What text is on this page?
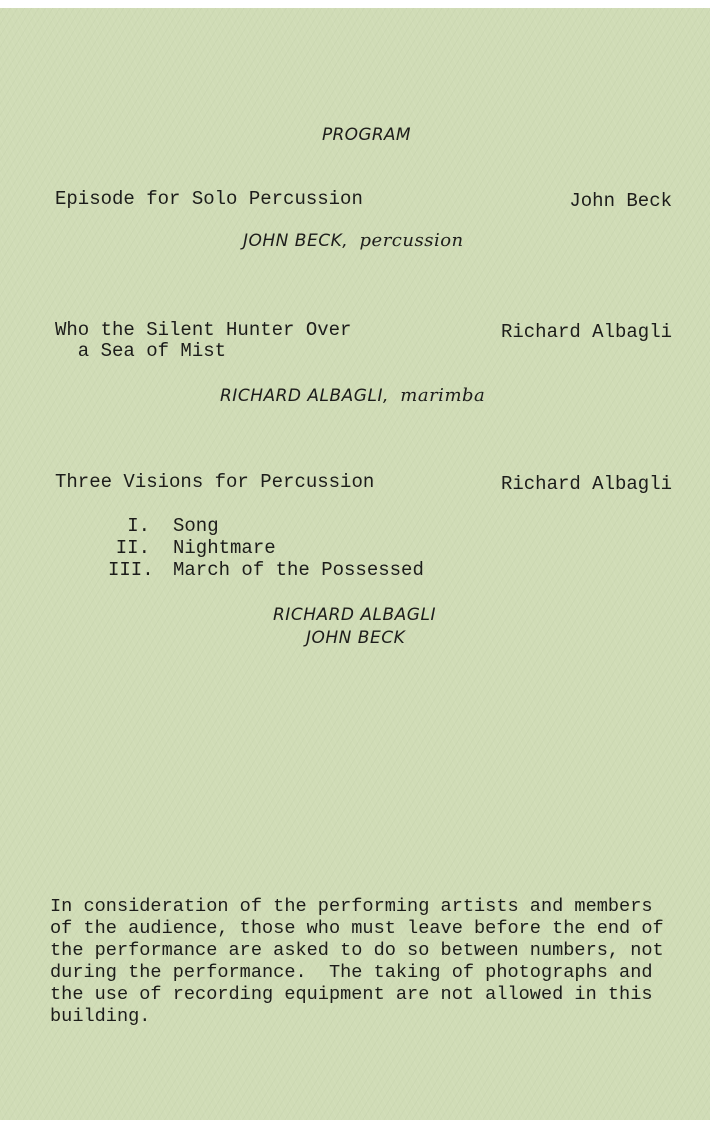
PROGRAM
Episode for Solo Percussion	John Beck
JOHN BECK, percussion
Who the Silent Hunter Over
a Sea of Mist
Richard Albagli
RICHARD ALBAGLI, marimba
Three Visions for Percussion	Richard Albagli
I. Song
II. Nightmare
III. March of the Possessed
RICHARD ALBAGLI
JOHN BECK
In consideration of the performing artists and members
of the audience, those who must leave before the end of
the performance are asked to do so between numbers, not
during the performance.  The taking of photographs and
the use of recording equipment are not allowed in this
building.
